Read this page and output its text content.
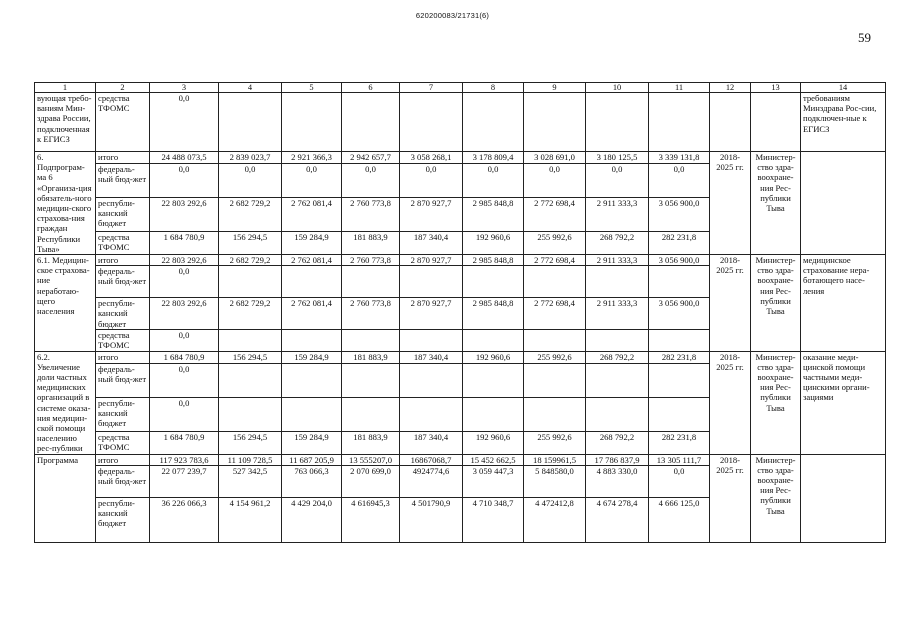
620200083/21731(6)
59
1	2	3	4	5	6	7	8	9	10	11	12	13	14
вующая требо-ваниям Мин-здрава России, подключенная к ЕГИСЗ	средства ТФОМС	0,0											требованиям Минздрава Рос-сии, подключен-ные к ЕГИСЗ
6. Подпрограм-ма 6 «Организа-ция обязатель-ного медицин-ского страхова-ния граждан Республики Тыва»	итого	24 488 073,5	2 839 023,7	2 921 366,3	2 942 657,7	3 058 268,1	3 178 809,4	3 028 691,0	3 180 125,5	3 339 131,8	2018-2025 гг.	Министер-ство здра-воохране-ния Рес-публики Тыва	
	федераль-ный бюд-жет	0,0	0,0	0,0	0,0	0,0	0,0	0,0	0,0	0,0			
	республи-канский бюджет	22 803 292,6	2 682 729,2	2 762 081,4	2 760 773,8	2 870 927,7	2 985 848,8	2 772 698,4	2 911 333,3	3 056 900,0			
	средства ТФОМС	1 684 780,9	156 294,5	159 284,9	181 883,9	187 340,4	192 960,6	255 992,6	268 792,2	282 231,8			
6.1. Медицин-ское страхова-ние неработаю-щего населения	итого	22 803 292,6	2 682 729,2	2 762 081,4	2 760 773,8	2 870 927,7	2 985 848,8	2 772 698,4	2 911 333,3	3 056 900,0	2018-2025 гг.	Министер-ство здра-воохране-ния Рес-публики Тыва	медицинское страхование нера-ботающего насе-ления
	федераль-ный бюд-жет	0,0											
	республи-канский бюджет	22 803 292,6	2 682 729,2	2 762 081,4	2 760 773,8	2 870 927,7	2 985 848,8	2 772 698,4	2 911 333,3	3 056 900,0			
	средства ТФОМС	0,0											
6.2. Увеличение доли частных медицинских организаций в системе оказа-ния медицин-ской помощи населению рес-публики	итого	1 684 780,9	156 294,5	159 284,9	181 883,9	187 340,4	192 960,6	255 992,6	268 792,2	282 231,8	2018-2025 гг.	Министер-ство здра-воохране-ния Рес-публики Тыва	оказание меди-цинской помощи частными меди-цинскими органи-зациями
	федераль-ный бюд-жет	0,0											
	республи-канский бюджет	0,0											
	средства ТФОМС	1 684 780,9	156 294,5	159 284,9	181 883,9	187 340,4	192 960,6	255 992,6	268 792,2	282 231,8			
Программа	итого	117 923 783,6	11 109 728,5	11 687 205,9	13 555207,0	16867068,7	15 452 662,5	18 159961,5	17 786 837,9	13 305 111,7	2018-2025 гг.	Министер-ство здра-воохране-ния Рес-публики Тыва	
	федераль-ный бюд-жет	22 077 239,7	527 342,5	763 066,3	2 070 699,0	4924774,6	3 059 447,3	5 848580,0	4 883 330,0	0,0			
	республи-канский бюджет	36 226 066,3	4 154 961,2	4 429 204,0	4 616945,3	4 501790,9	4 710 348,7	4 472412,8	4 674 278,4	4 666 125,0			
